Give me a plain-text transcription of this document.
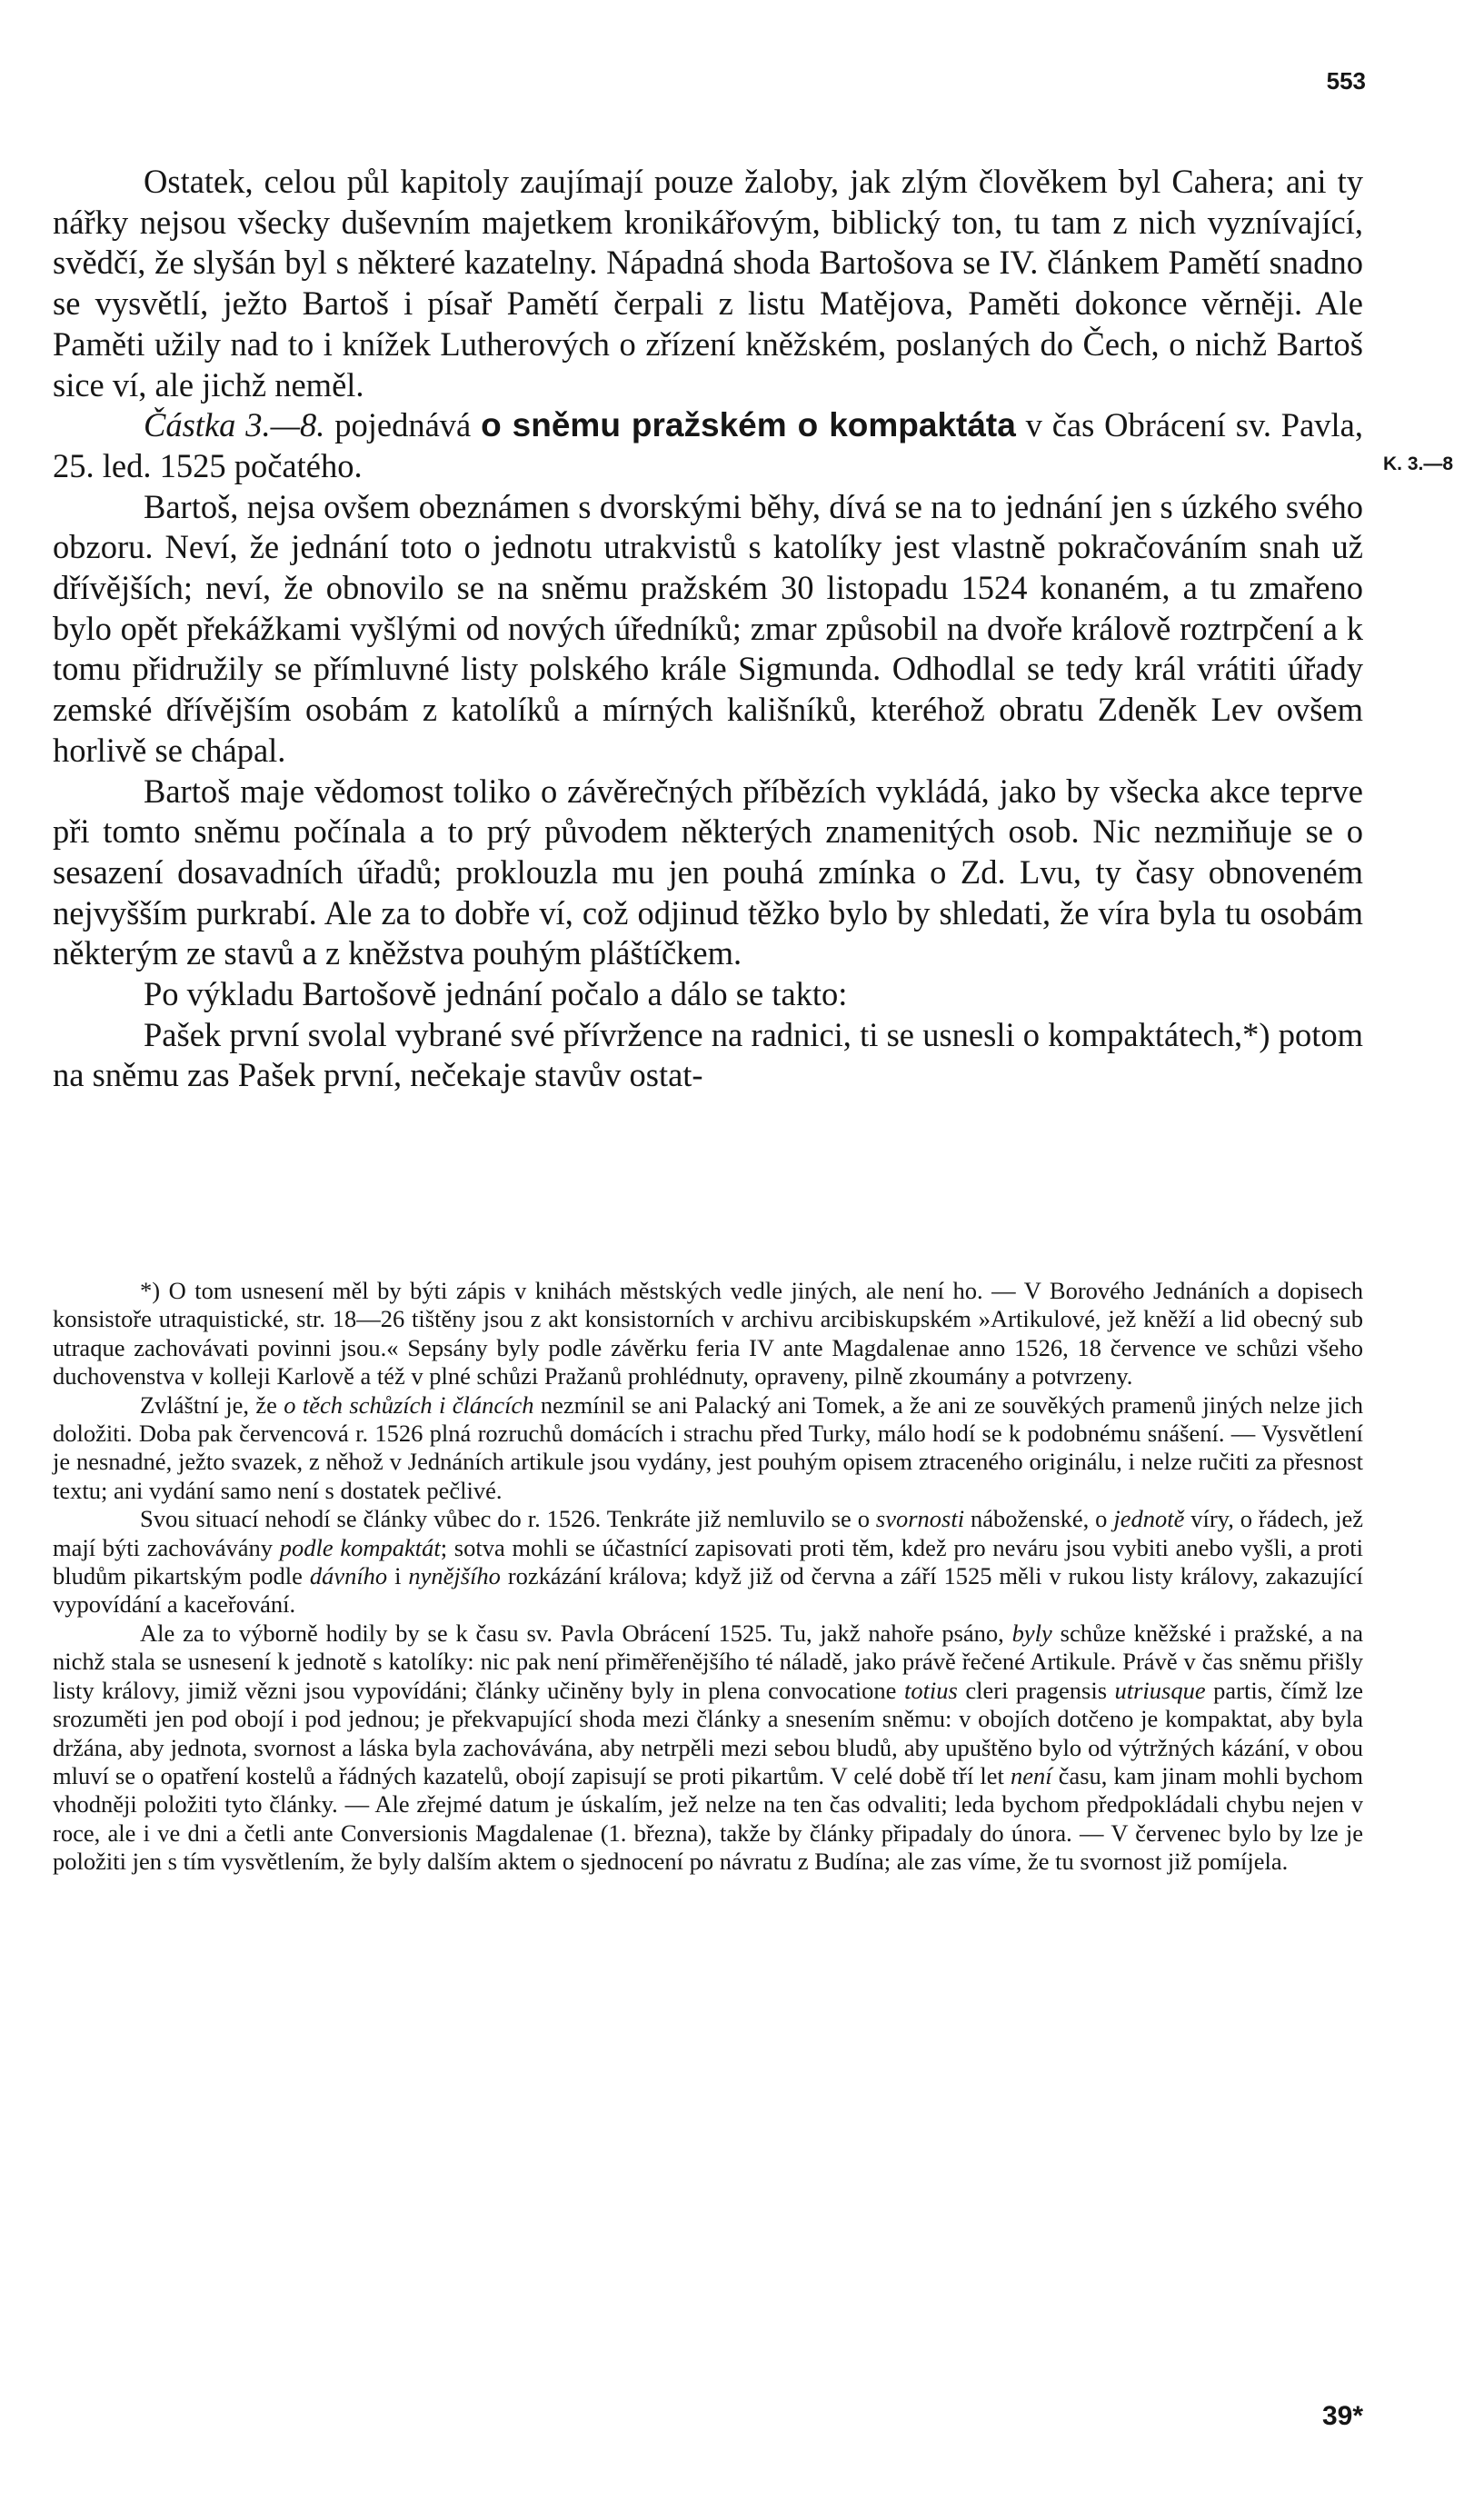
553
K. 3.—8

Ostatek, celou půl kapitoly zaujímají pouze žaloby, jak zlým člověkem byl Cahera; ani ty nářky nejsou všecky duševním majetkem kronikářovým, biblický ton, tu tam z nich vyznívající, svědčí, že slyšán byl s některé kazatelny. Nápadná shoda Bartošova se IV. článkem Pamětí snadno se vysvětlí, ježto Bartoš i písař Pamětí čerpali z listu Matějova, Paměti dokonce věrněji. Ale Paměti užily nad to i knížek Lutherových o zřízení kněžském, poslaných do Čech, o nichž Bartoš sice ví, ale jichž neměl.

Částka 3.—8. pojednává o sněmu pražském o kompaktáta v čas Obrácení sv. Pavla, 25. led. 1525 počatého.

Bartoš, nejsa ovšem obeznámen s dvorskými běhy, dívá se na to jednání jen s úzkého svého obzoru. Neví, že jednání toto o jednotu utrakvistů s katolíky jest vlastně pokračováním snah už dřívějších; neví, že obnovilo se na sněmu pražském 30 listopadu 1524 konaném, a tu zmařeno bylo opět překážkami vyšlými od nových úředníků; zmar způsobil na dvoře králově roztrpčení a k tomu přidružily se přímluvné listy polského krále Sigmunda. Odhodlal se tedy král vrátiti úřady zemské dřívějším osobám z katolíků a mírných kališníků, kteréhož obratu Zdeněk Lev ovšem horlivě se chápal.

Bartoš maje vědomost toliko o závěrečných příbězích vykládá, jako by všecka akce teprve při tomto sněmu počínala a to prý původem některých znamenitých osob. Nic nezmiňuje se o sesazení dosavadních úřadů; proklouzla mu jen pouhá zmínka o Zd. Lvu, ty časy obnoveném nejvyšším purkrabí. Ale za to dobře ví, což odjinud těžko bylo by shledati, že víra byla tu osobám některým ze stavů a z kněžstva pouhým pláštíčkem.

Po výkladu Bartošově jednání počalo a dálo se takto:

Pašek první svolal vybrané své přívržence na radnici, ti se usnesli o kompaktátech,*) potom na sněmu zas Pašek první, nečekaje stavův ostat-

*) O tom usnesení měl by býti zápis v knihách městských vedle jiných, ale není ho. — V Borového Jednáních a dopisech konsistoře utraquistické, str. 18—26 tištěny jsou z akt konsistorních v archivu arcibiskupském »Artikulové, jež kněží a lid obecný sub utraque zachovávati povinni jsou.« Sepsány byly podle závěrku feria IV ante Magdalenae anno 1526, 18 července ve schůzi všeho duchovenstva v kolleji Karlově a též v plné schůzi Pražanů prohlédnuty, opraveny, pilně zkoumány a potvrzeny.

Zvláštní je, že o těch schůzích i článcích nezmínil se ani Palacký ani Tomek, a že ani ze souvěkých pramenů jiných nelze jich doložiti. Doba pak červencová r. 1526 plná rozruchů domácích i strachu před Turky, málo hodí se k podobnému snášení. — Vysvětlení je nesnadné, ježto svazek, z něhož v Jednáních artikule jsou vydány, jest pouhým opisem ztraceného originálu, i nelze ručiti za přesnost textu; ani vydání samo není s dostatek pečlivé.

Svou situací nehodí se články vůbec do r. 1526. Tenkráte již nemluvilo se o svornosti náboženské, o jednotě víry, o řádech, jež mají býti zachovávány podle kompaktát; sotva mohli se účastnící zapisovati proti těm, kdež pro neváru jsou vybiti anebo vyšli, a proti bludům pikartským podle dávního i nynějšího rozkázání králova; když již od června a září 1525 měli v rukou listy královy, zakazující vypovídání a kaceřování.

Ale za to výborně hodily by se k času sv. Pavla Obrácení 1525. Tu, jakž nahoře psáno, byly schůze kněžské i pražské, a na nichž stala se usnesení k jednotě s katolíky: nic pak není přiměřenějšího té náladě, jako právě řečené Artikule. Právě v čas sněmu přišly listy královy, jimiž vězni jsou vypovídáni; články učiněny byly in plena convocatione totius cleri pragensis utriusque partis, čímž lze srozuměti jen pod obojí i pod jednou; je překvapující shoda mezi články a snesením sněmu: v obojích dotčeno je kompaktat, aby byla držána, aby jednota, svornost a láska byla zachovávána, aby netrpěli mezi sebou bludů, aby upuštěno bylo od výtržných kázání, v obou mluví se o opatření kostelů a řádných kazatelů, obojí zapisují se proti pikartům. V celé době tří let není času, kam jinam mohli bychom vhodněji položiti tyto články. — Ale zřejmé datum je úskalím, jež nelze na ten čas odvaliti; leda bychom předpokládali chybu nejen v roce, ale i ve dni a četli ante Conversionis Magdalenae (1. března), takže by články připadaly do února. — V červenec bylo by lze je položiti jen s tím vysvětlením, že byly dalším aktem o sjednocení po návratu z Budína; ale zas víme, že tu svornost již pomíjela.

39*
